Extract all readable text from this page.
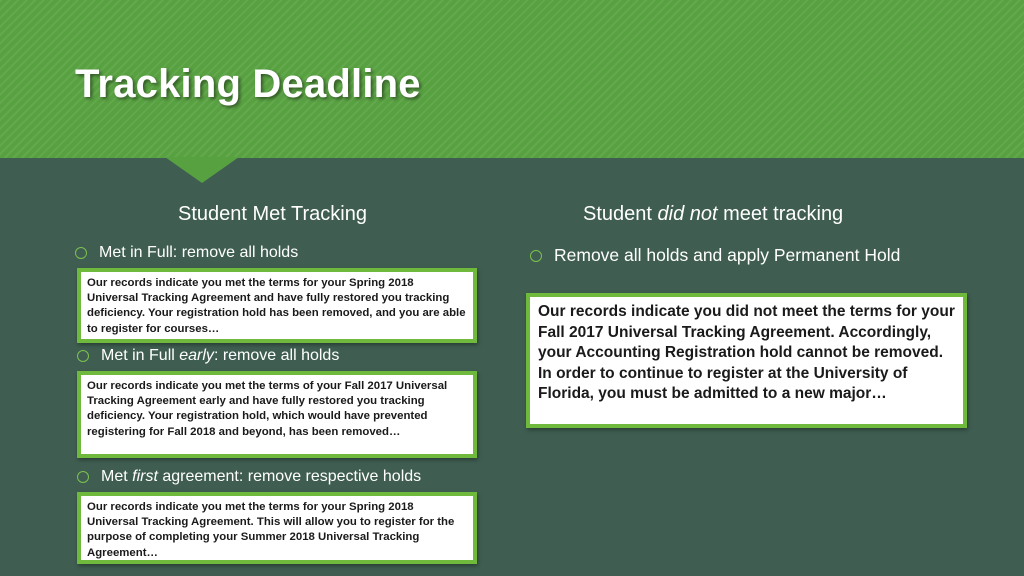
Tracking Deadline
Student Met Tracking
Met in Full: remove all holds
Our records indicate you met the terms for your Spring 2018 Universal Tracking Agreement and have fully restored you tracking deficiency. Your registration hold has been removed, and you are able to register for courses…
Met in Full early: remove all holds
Our records indicate you met the terms of your Fall 2017 Universal Tracking Agreement early and have fully restored you tracking deficiency. Your registration hold, which would have prevented registering for Fall 2018 and beyond, has been removed…
Met first agreement: remove respective holds
Our records indicate you met the terms for your Spring 2018 Universal Tracking Agreement. This will allow you to register for the purpose of completing your Summer 2018 Universal Tracking Agreement…
Student did not meet tracking
Remove all holds and apply Permanent Hold
Our records indicate you did not meet the terms for your Fall 2017 Universal Tracking Agreement. Accordingly, your Accounting Registration hold cannot be removed. In order to continue to register at the University of Florida, you must be admitted to a new major…
